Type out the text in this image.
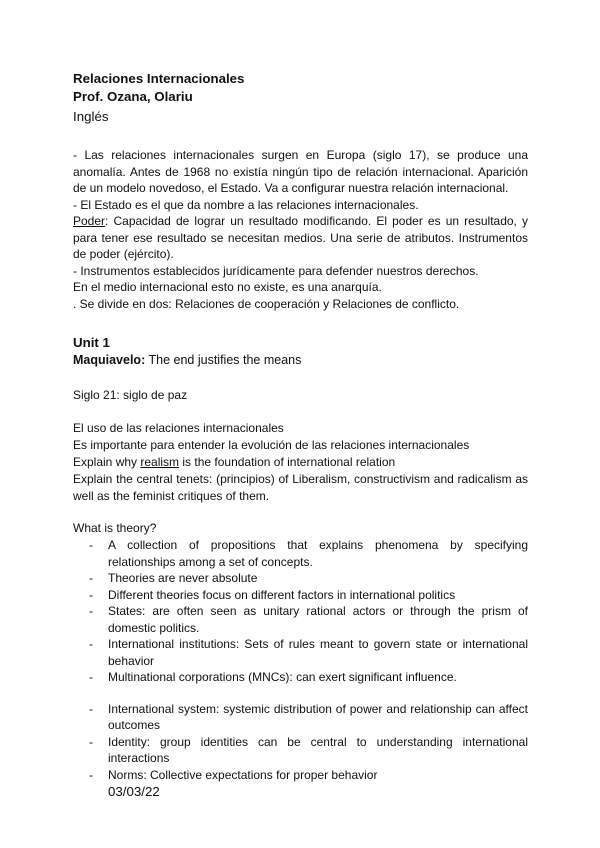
Relaciones Internacionales
Prof. Ozana, Olariu
Inglés
- Las relaciones internacionales surgen en Europa (siglo 17), se produce una anomalía. Antes de 1968 no existía ningún tipo de relación internacional. Aparición de un modelo novedoso, el Estado. Va a configurar nuestra relación internacional.
- El Estado es el que da nombre a las relaciones internacionales.
Poder: Capacidad de lograr un resultado modificando. El poder es un resultado, y para tener ese resultado se necesitan medios. Una serie de atributos. Instrumentos de poder (ejército).
- Instrumentos establecidos jurídicamente para defender nuestros derechos.
En el medio internacional esto no existe, es una anarquía.
. Se divide en dos: Relaciones de cooperación y Relaciones de conflicto.
Unit 1
Maquiavelo: The end justifies the means
Siglo 21: siglo de paz
El uso de las relaciones internacionales
Es importante para entender la evolución de las relaciones internacionales
Explain why realism is the foundation of international relation
Explain the central tenets: (principios) of Liberalism, constructivism and radicalism as well as the feminist critiques of them.
What is theory?
- A collection of propositions that explains phenomena by specifying relationships among a set of concepts.
- Theories are never absolute
- Different theories focus on different factors in international politics
- States: are often seen as unitary rational actors or through the prism of domestic politics.
- International institutions: Sets of rules meant to govern state or international behavior
- Multinational corporations (MNCs): can exert significant influence.
- International system: systemic distribution of power and relationship can affect outcomes
- Identity: group identities can be central to understanding international interactions
- Norms: Collective expectations for proper behavior
03/03/22
